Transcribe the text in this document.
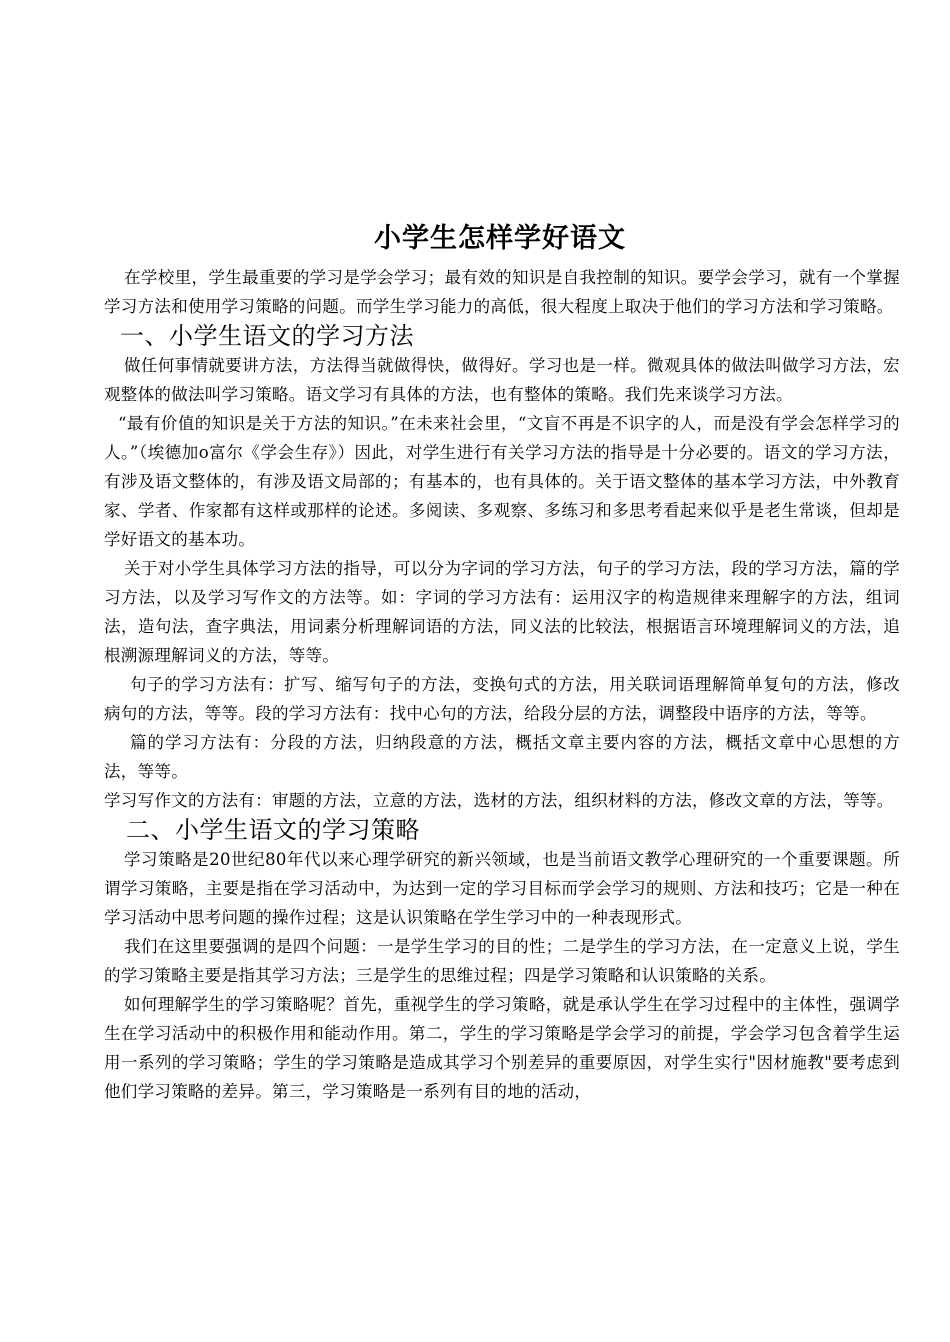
小学生怎样学好语文

在学校里，学生最重要的学习是学会学习；最有效的知识是自我控制的知识。要学会学习，就有一个掌握学习方法和使用学习策略的问题。而学生学习能力的高低，很大程度上取决于他们的学习方法和学习策略。

一、小学生语文的学习方法

做任何事情就要讲方法，方法得当就做得快，做得好。学习也是一样。微观具体的做法叫做学习方法，宏观整体的做法叫学习策略。语文学习有具体的方法，也有整体的策略。我们先来谈学习方法。

“最有价值的知识是关于方法的知识。”在未来社会里，“文盲不再是不识字的人，而是没有学会怎样学习的人。”（埃德加o富尔《学会生存》）因此，对学生进行有关学习方法的指导是十分必要的。语文的学习方法，有涉及语文整体的，有涉及语文局部的；有基本的，也有具体的。关于语文整体的基本学习方法，中外教育家、学者、作家都有这样或那样的论述。多阅读、多观察、多练习和多思考看起来似乎是老生常谈，但却是学好语文的基本功。

关于对小学生具体学习方法的指导，可以分为字词的学习方法，句子的学习方法，段的学习方法，篇的学习方法，以及学习写作文的方法等。如：字词的学习方法有：运用汉字的构造规律来理解字的方法，组词法，造句法，查字典法，用词素分析理解词语的方法，同义法的比较法，根据语言环境理解词义的方法，追根溯源理解词义的方法，等等。

句子的学习方法有：扩写、缩写句子的方法，变换句式的方法，用关联词语理解简单复句的方法，修改病句的方法，等等。段的学习方法有：找中心句的方法，给段分层的方法，调整段中语序的方法，等等。

篇的学习方法有：分段的方法，归纳段意的方法，概括文章主要内容的方法，概括文章中心思想的方法，等等。

学习写作文的方法有：审题的方法，立意的方法，选材的方法，组织材料的方法，修改文章的方法，等等。

二、小学生语文的学习策略

学习策略是20世纪80年代以来心理学研究的新兴领域，也是当前语文教学心理研究的一个重要课题。所谓学习策略，主要是指在学习活动中，为达到一定的学习目标而学会学习的规则、方法和技巧；它是一种在学习活动中思考问题的操作过程；这是认识策略在学生学习中的一种表现形式。

我们在这里要强调的是四个问题：一是学生学习的目的性；二是学生的学习方法，在一定意义上说，学生的学习策略主要是指其学习方法；三是学生的思维过程；四是学习策略和认识策略的关系。

如何理解学生的学习策略呢？首先，重视学生的学习策略，就是承认学生在学习过程中的主体性，强调学生在学习活动中的积极作用和能动作用。第二，学生的学习策略是学会学习的前提，学会学习包含着学生运用一系列的学习策略；学生的学习策略是造成其学习个别差异的重要原因，对学生实行"因材施教"要考虑到他们学习策略的差异。第三，学习策略是一系列有目的地的活动，
